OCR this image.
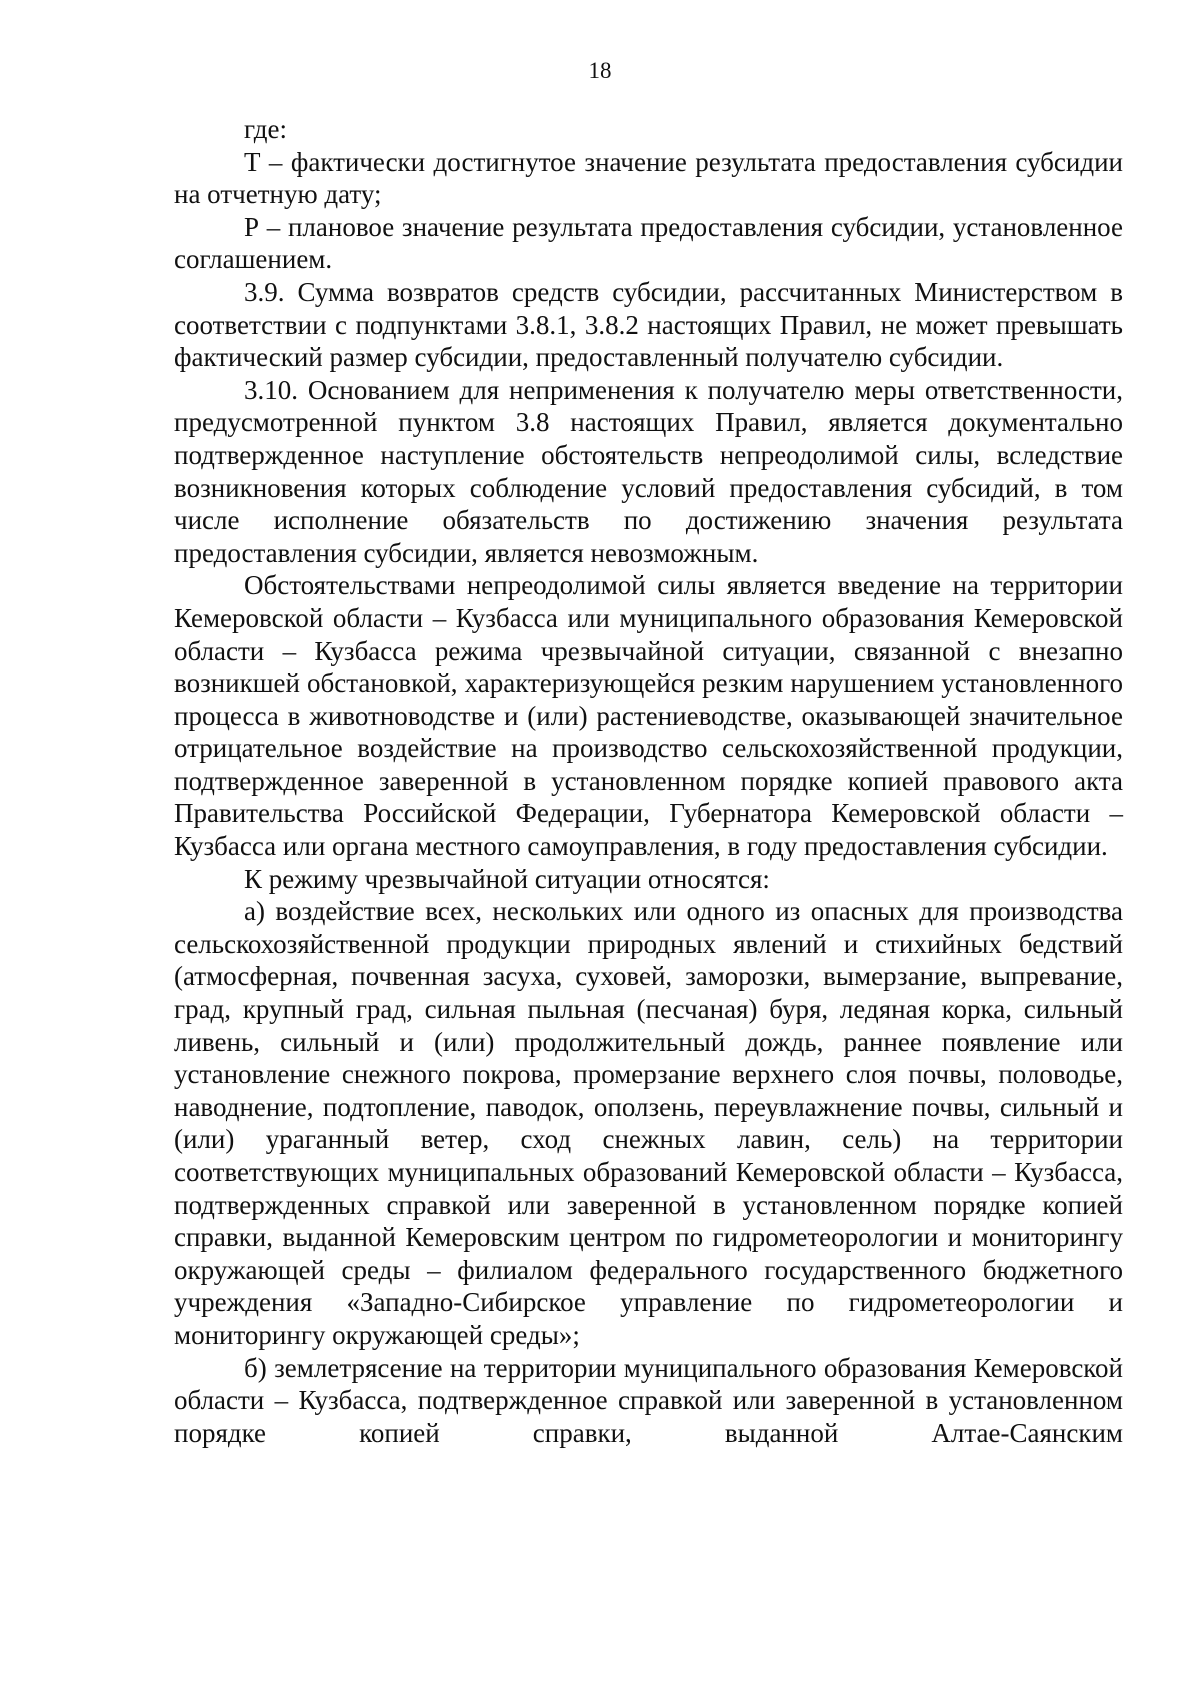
18

где:

Т – фактически достигнутое значение результата предоставления субсидии на отчетную дату;

Р – плановое значение результата предоставления субсидии, установленное соглашением.

3.9. Сумма возвратов средств субсидии, рассчитанных Министерством в соответствии с подпунктами 3.8.1, 3.8.2 настоящих Правил, не может превышать фактический размер субсидии, предоставленный получателю субсидии.

3.10. Основанием для неприменения к получателю меры ответственности, предусмотренной пунктом 3.8 настоящих Правил, является документально подтвержденное наступление обстоятельств непреодолимой силы, вследствие возникновения которых соблюдение условий предоставления субсидий, в том числе исполнение обязательств по достижению значения результата предоставления субсидии, является невозможным.

Обстоятельствами непреодолимой силы является введение на территории Кемеровской области – Кузбасса или муниципального образования Кемеровской области – Кузбасса режима чрезвычайной ситуации, связанной с внезапно возникшей обстановкой, характеризующейся резким нарушением установленного процесса в животноводстве и (или) растениеводстве, оказывающей значительное отрицательное воздействие на производство сельскохозяйственной продукции, подтвержденное заверенной в установленном порядке копией правового акта Правительства Российской Федерации, Губернатора Кемеровской области – Кузбасса или органа местного самоуправления, в году предоставления субсидии.

К режиму чрезвычайной ситуации относятся:

а) воздействие всех, нескольких или одного из опасных для производства сельскохозяйственной продукции природных явлений и стихийных бедствий (атмосферная, почвенная засуха, суховей, заморозки, вымерзание, выпревание, град, крупный град, сильная пыльная (песчаная) буря, ледяная корка, сильный ливень, сильный и (или) продолжительный дождь, раннее появление или установление снежного покрова, промерзание верхнего слоя почвы, половодье, наводнение, подтопление, паводок, оползень, переувлажнение почвы, сильный и (или) ураганный ветер, сход снежных лавин, сель) на территории соответствующих муниципальных образований Кемеровской области – Кузбасса, подтвержденных справкой или заверенной в установленном порядке копией справки, выданной Кемеровским центром по гидрометеорологии и мониторингу окружающей среды – филиалом федерального государственного бюджетного учреждения «Западно-Сибирское управление по гидрометеорологии и мониторингу окружающей среды»;

б) землетрясение на территории муниципального образования Кемеровской области – Кузбасса, подтвержденное справкой или заверенной в установленном порядке копией справки, выданной Алтае-Саянским
